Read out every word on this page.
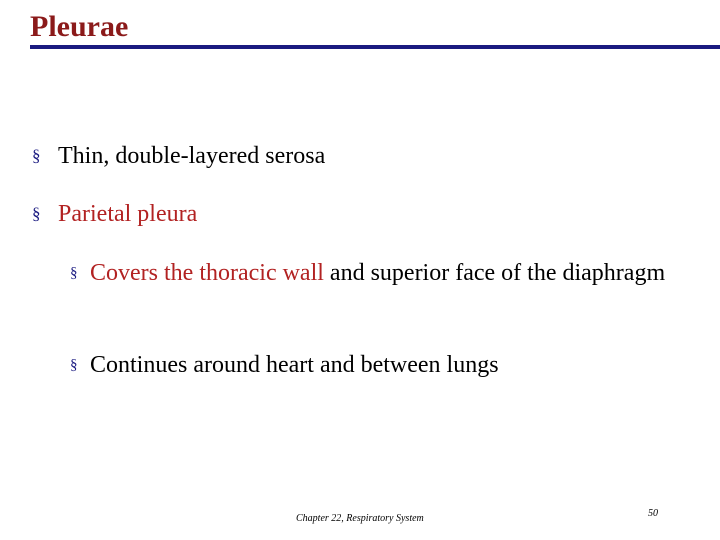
Pleurae
§ Thin, double-layered serosa
§ Parietal pleura
§ Covers the thoracic wall and superior face of the diaphragm
§ Continues around heart and between lungs
Chapter 22, Respiratory System	50
